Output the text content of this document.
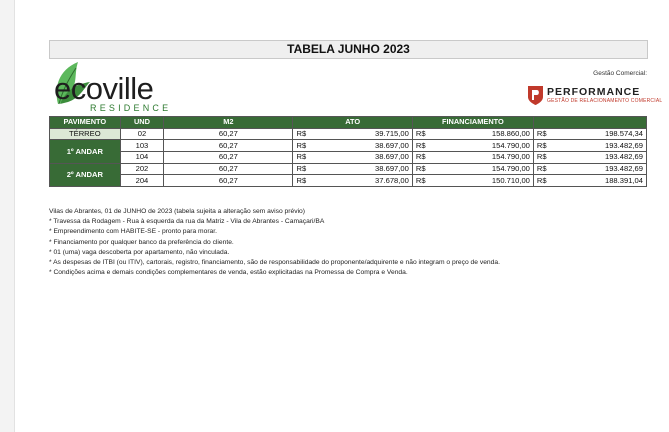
TABELA JUNHO 2023
ecoville
RESIDENCE
Gestão Comercial:
PERFORMANCE
GESTÃO DE RELACIONAMENTO COMERCIAL
PAVIMENTO	UND	M2	ATO		FINANCIAMENTO			
TÉRREO	02	60,27	R$	39.715,00	R$	158.860,00	R$	198.574,34
1º ANDAR	103	60,27	R$	38.697,00	R$	154.790,00	R$	193.482,69
	104	60,27	R$	38.697,00	R$	154.790,00	R$	193.482,69
2º ANDAR	202	60,27	R$	38.697,00	R$	154.790,00	R$	193.482,69
	204	60,27	R$	37.678,00	R$	150.710,00	R$	188.391,04
Vilas de Abrantes, 01 de JUNHO de 2023 (tabela sujeita a alteração sem aviso prévio)
* Travessa da Rodagem - Rua à esquerda da rua da Matriz - Vila de Abrantes - Camaçari/BA
* Empreendimento com HABITE-SE - pronto para morar.
* Financiamento por qualquer banco da preferência do cliente.
* 01 (uma) vaga descoberta por apartamento, não vinculada.
* As despesas de ITBI (ou ITIV), cartorais, registro, financiamento, são de responsabilidade do proponente/adquirente e não integram o preço de venda.
* Condições acima e demais condições complementares de venda, estão explicitadas na Promessa de Compra e Venda.
